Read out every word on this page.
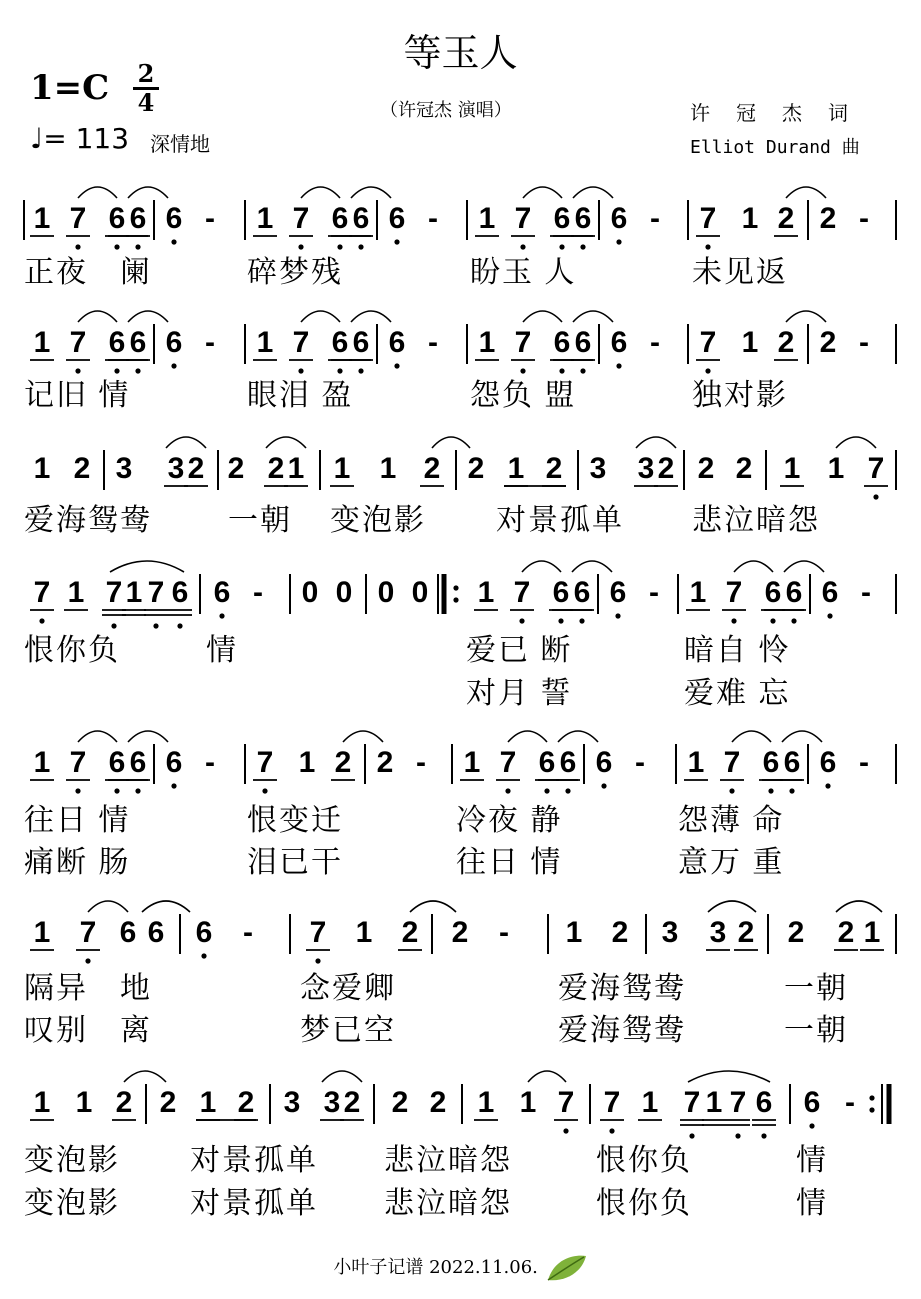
等玉人
（许冠杰 演唱）
1=C 2
4
♩= 113 深情地
许冠杰词
Elliot Durand 曲
1 7 6 6 6 - 1 7 6 6 6 - 1 7 6 6 6 - 7 1 2 2 -
正夜　阑	碎梦残	盼玉 人	未见返
1 7 6 6 6 - 1 7 6 6 6 - 1 7 6 6 6 - 7 1 2 2 -
记旧 情	眼泪 盈	怨负 盟	独对影
1 2 3 3 2 2 2 1 1 1 2 2 1 2 3 3 2 2 2 1 1 7
爱海鸳鸯	一朝 变泡影 对景孤单 悲泣暗怨
7 1 7 1 7 6 6 - 0 0 0 0 1 7 6 6 6 - 1 7 6 6 6 -
恨你负	情	爱已 断	暗自 怜
对月 誓	爱难 忘
1 7 6 6 6 - 7 1 2 2 - 1 7 6 6 6 - 1 7 6 6 6 -
往日 情	恨变迁	冷夜 静	怨薄 命
痛断 肠	泪已干	往日 情	意万 重
1 7 6 6 6 - 7 1 2 2 - 1 2 3 3 2 2 2 1
隔异　地	念爱卿	爱海鸳鸯	一朝
叹别　离	梦已空	爱海鸳鸯	一朝
1 1 2 2 1 2 3 3 2 2 2 1 1 7 7 1 7 1 7 6 6 -
变泡影 对景孤单 悲泣暗怨	恨你负	情
变泡影 对景孤单 悲泣暗怨	恨你负	情
小叶子记谱 2022.11.06.
